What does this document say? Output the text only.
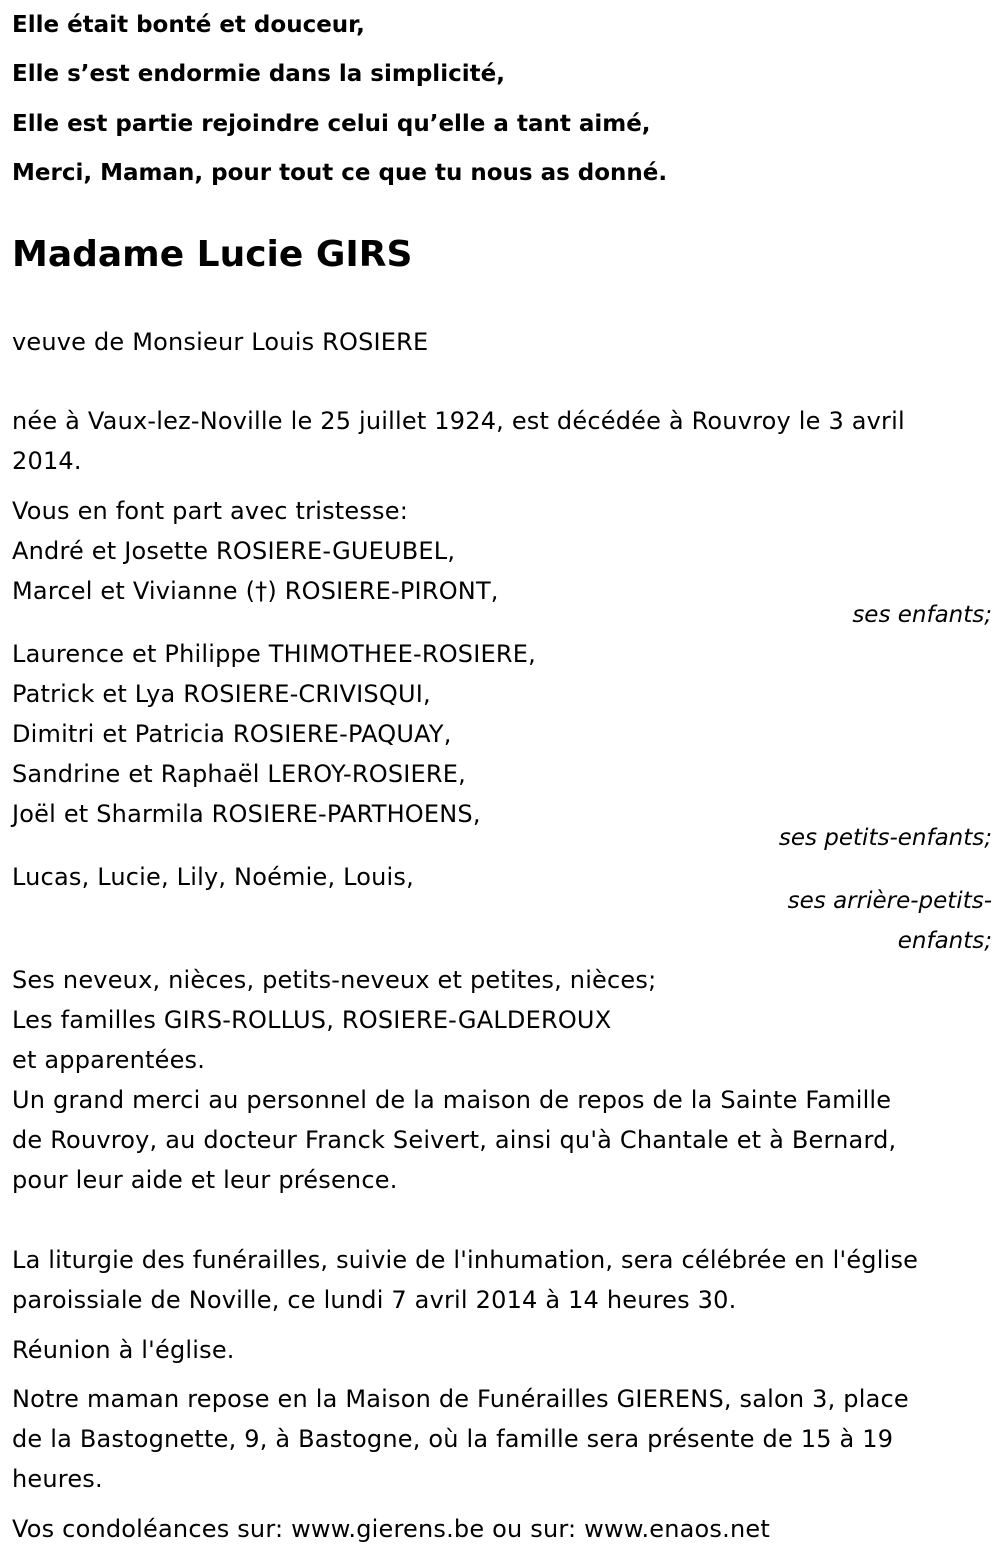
Elle était bonté et douceur,
Elle s’est endormie dans la simplicité,
Elle est partie rejoindre celui qu’elle a tant aimé,
Merci, Maman, pour tout ce que tu nous as donné.
Madame Lucie GIRS
veuve de Monsieur Louis ROSIERE
née à Vaux-lez-Noville le 25 juillet 1924, est décédée à Rouvroy le 3 avril
2014.
Vous en font part avec tristesse:
André et Josette ROSIERE-GUEUBEL,
Marcel et Vivianne (†) ROSIERE-PIRONT,
ses enfants;
Laurence et Philippe THIMOTHEE-ROSIERE,
Patrick et Lya ROSIERE-CRIVISQUI,
Dimitri et Patricia ROSIERE-PAQUAY,
Sandrine et Raphaël LEROY-ROSIERE,
Joël et Sharmila ROSIERE-PARTHOENS,
ses petits-enfants;
Lucas, Lucie, Lily, Noémie, Louis,
ses arrière-petits-
enfants;
Ses neveux, nièces, petits-neveux et petites, nièces;
Les familles GIRS-ROLLUS, ROSIERE-GALDEROUX
et apparentées.
Un grand merci au personnel de la maison de repos de la Sainte Famille
de Rouvroy, au docteur Franck Seivert, ainsi qu'à Chantale et à Bernard,
pour leur aide et leur présence.
La liturgie des funérailles, suivie de l'inhumation, sera célébrée en l'église
paroissiale de Noville, ce lundi 7 avril 2014 à 14 heures 30.
Réunion à l'église.
Notre maman repose en la Maison de Funérailles GIERENS, salon 3, place
de la Bastognette, 9, à Bastogne, où la famille sera présente de 15 à 19
heures.
Vos condoléances sur: www.gierens.be ou sur: www.enaos.net
